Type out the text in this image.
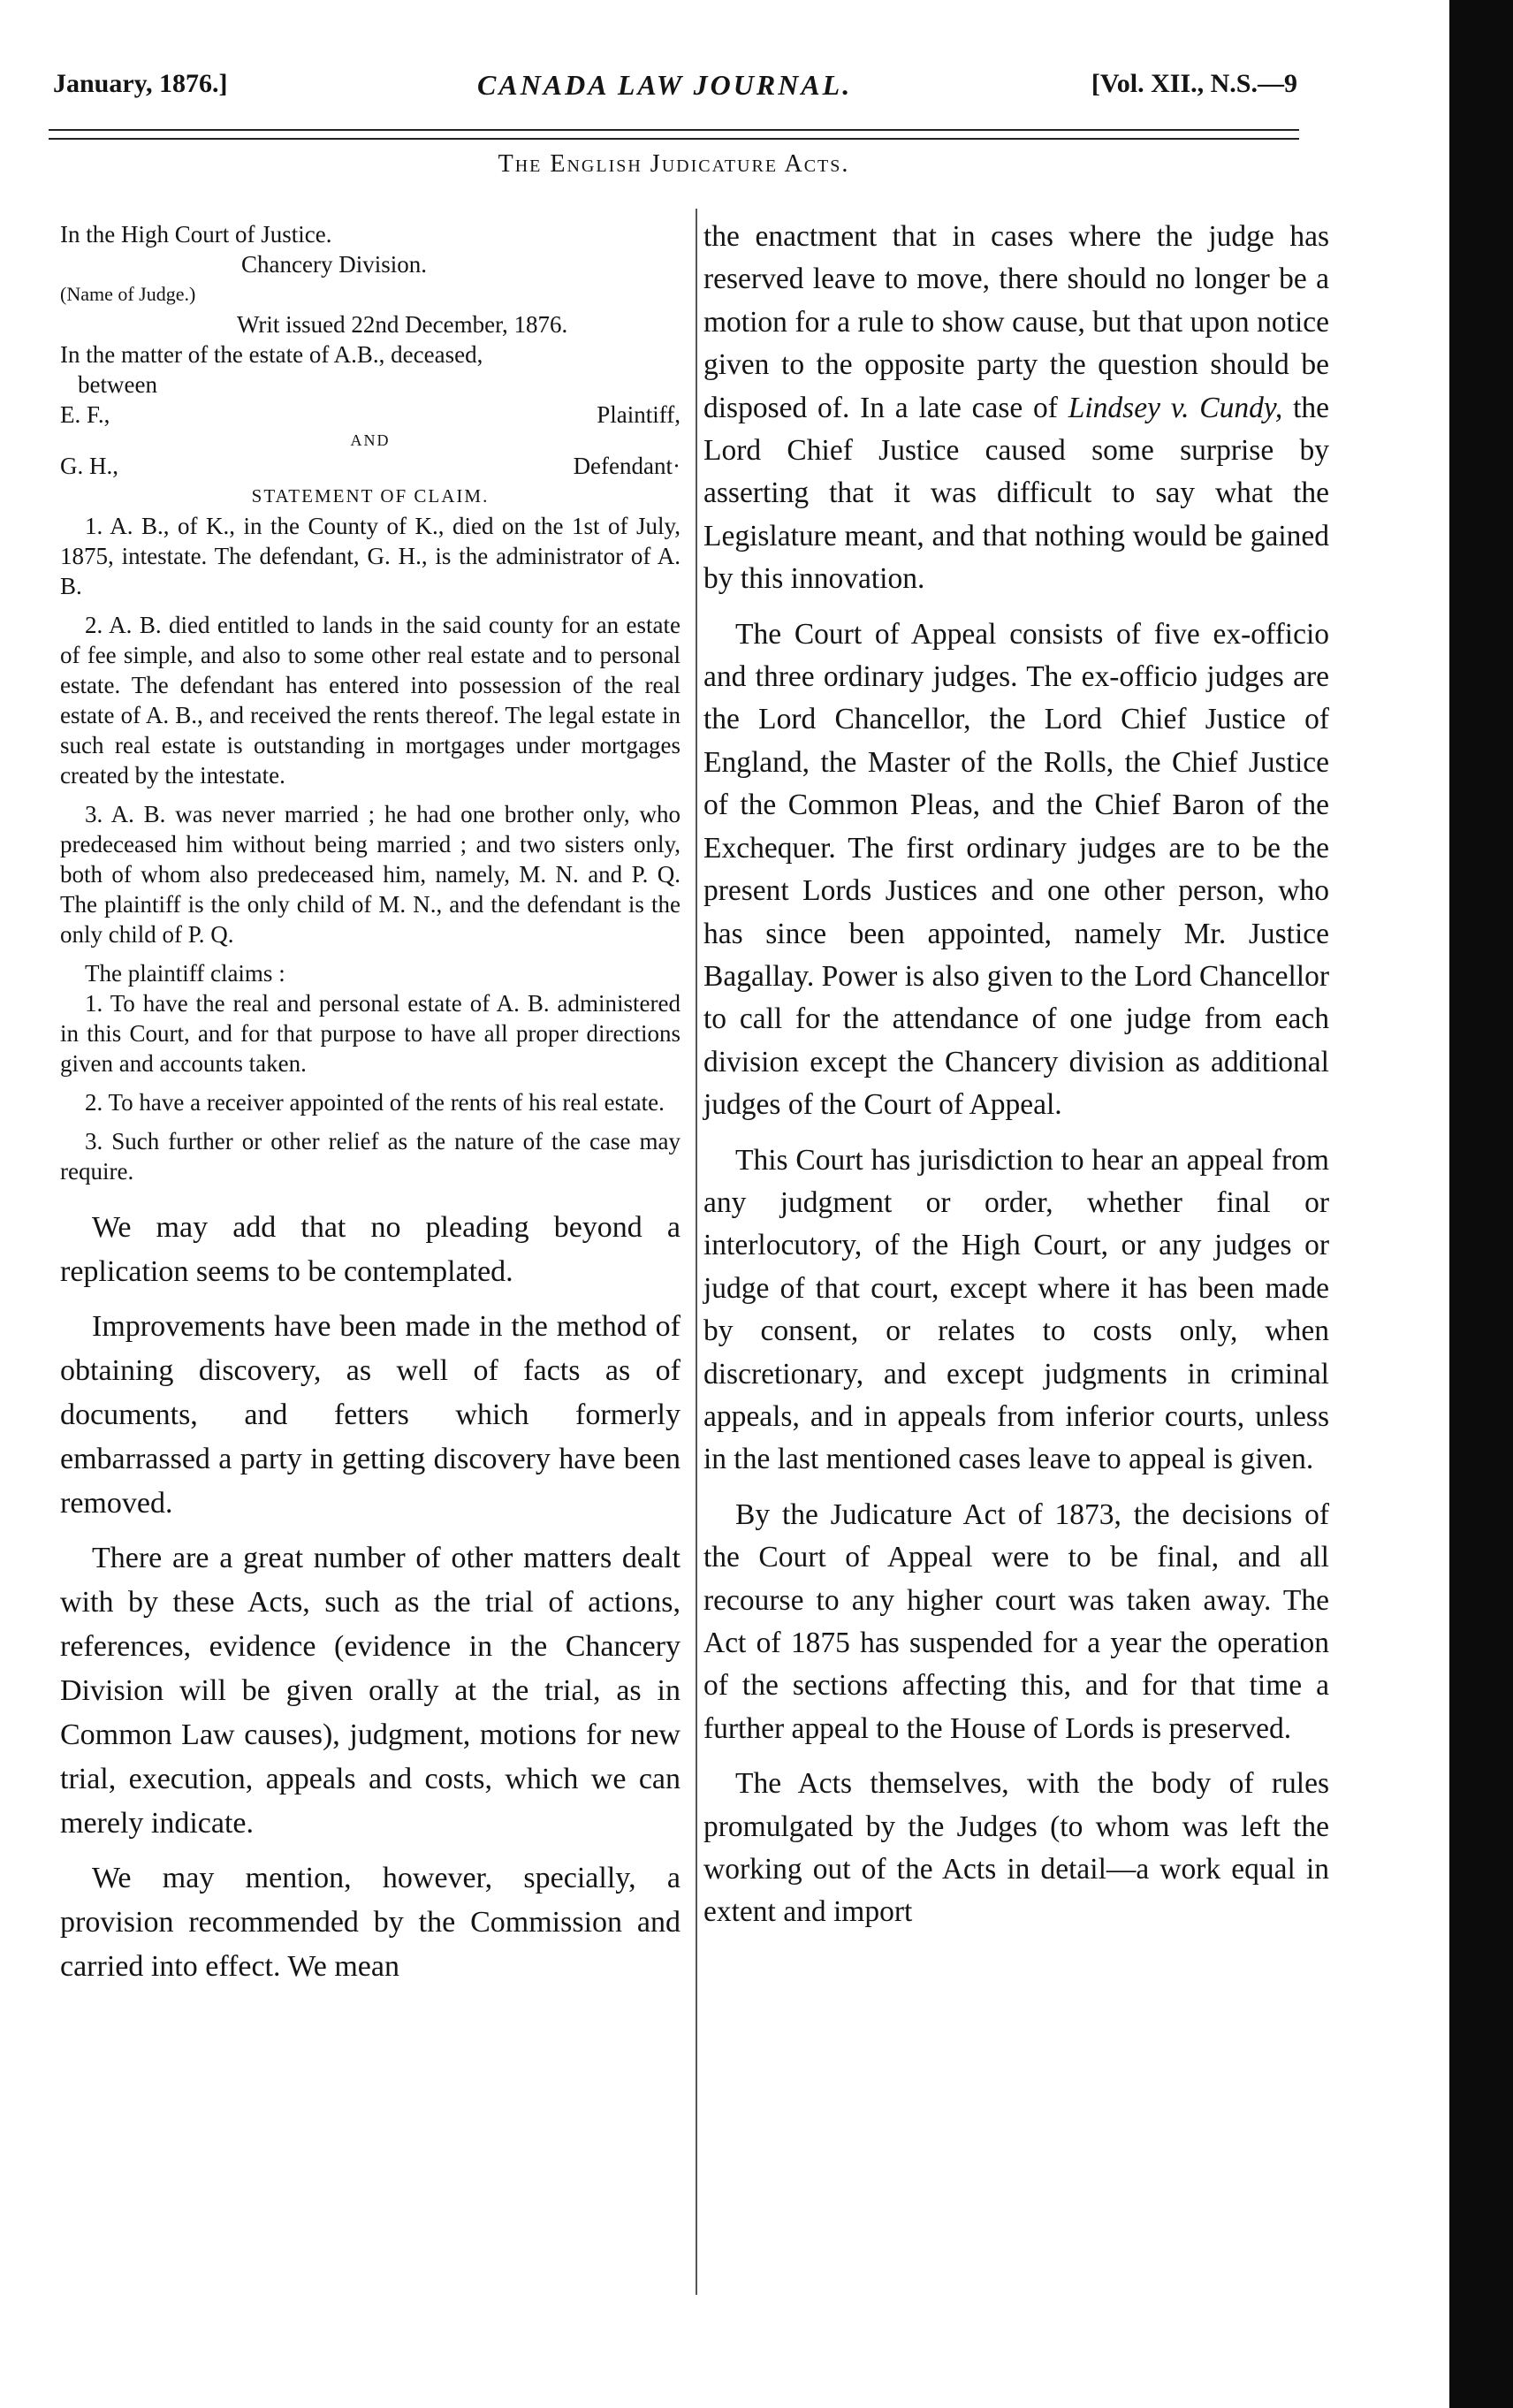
January, 1876.]	CANADA LAW JOURNAL.	[Vol. XII., N.S.—9
The English Judicature Acts.

In the High Court of Justice.

Chancery Division.

(Name of Judge.)

Writ issued 22nd December, 1876.

In the matter of the estate of A.B., deceased,

between

E. F.,	Plaintiff,

AND

G. H.,	Defendant·

STATEMENT OF CLAIM.

1. A. B., of K., in the County of K., died on the 1st of July, 1875, intestate. The defendant, G. H., is the administrator of A. B.

2. A. B. died entitled to lands in the said county for an estate of fee simple, and also to some other real estate and to personal estate. The defendant has entered into possession of the real estate of A. B., and received the rents thereof. The legal estate in such real estate is outstanding in mortgages under mortgages created by the intestate.

3. A. B. was never married ; he had one brother only, who predeceased him without being married ; and two sisters only, both of whom also predeceased him, namely, M. N. and P. Q. The plaintiff is the only child of M. N., and the defendant is the only child of P. Q.

The plaintiff claims :

1. To have the real and personal estate of A. B. administered in this Court, and for that purpose to have all proper directions given and accounts taken.

2. To have a receiver appointed of the rents of his real estate.

3. Such further or other relief as the nature of the case may require.

We may add that no pleading beyond a replication seems to be contemplated.

Improvements have been made in the method of obtaining discovery, as well of facts as of documents, and fetters which formerly embarrassed a party in getting discovery have been removed.

There are a great number of other matters dealt with by these Acts, such as the trial of actions, references, evidence (evidence in the Chancery Division will be given orally at the trial, as in Common Law causes), judgment, motions for new trial, execution, appeals and costs, which we can merely indicate.

We may mention, however, specially, a provision recommended by the Commission and carried into effect. We mean

the enactment that in cases where the judge has reserved leave to move, there should no longer be a motion for a rule to show cause, but that upon notice given to the opposite party the question should be disposed of. In a late case of Lindsey v. Cundy, the Lord Chief Justice caused some surprise by asserting that it was difficult to say what the Legislature meant, and that nothing would be gained by this innovation.

The Court of Appeal consists of five ex-officio and three ordinary judges. The ex-officio judges are the Lord Chancellor, the Lord Chief Justice of England, the Master of the Rolls, the Chief Justice of the Common Pleas, and the Chief Baron of the Exchequer. The first ordinary judges are to be the present Lords Justices and one other person, who has since been appointed, namely Mr. Justice Bagallay. Power is also given to the Lord Chancellor to call for the attendance of one judge from each division except the Chancery division as additional judges of the Court of Appeal.

This Court has jurisdiction to hear an appeal from any judgment or order, whether final or interlocutory, of the High Court, or any judges or judge of that court, except where it has been made by consent, or relates to costs only, when discretionary, and except judgments in criminal appeals, and in appeals from inferior courts, unless in the last mentioned cases leave to appeal is given.

By the Judicature Act of 1873, the decisions of the Court of Appeal were to be final, and all recourse to any higher court was taken away. The Act of 1875 has suspended for a year the operation of the sections affecting this, and for that time a further appeal to the House of Lords is preserved.

The Acts themselves, with the body of rules promulgated by the Judges (to whom was left the working out of the Acts in detail—a work equal in extent and import
